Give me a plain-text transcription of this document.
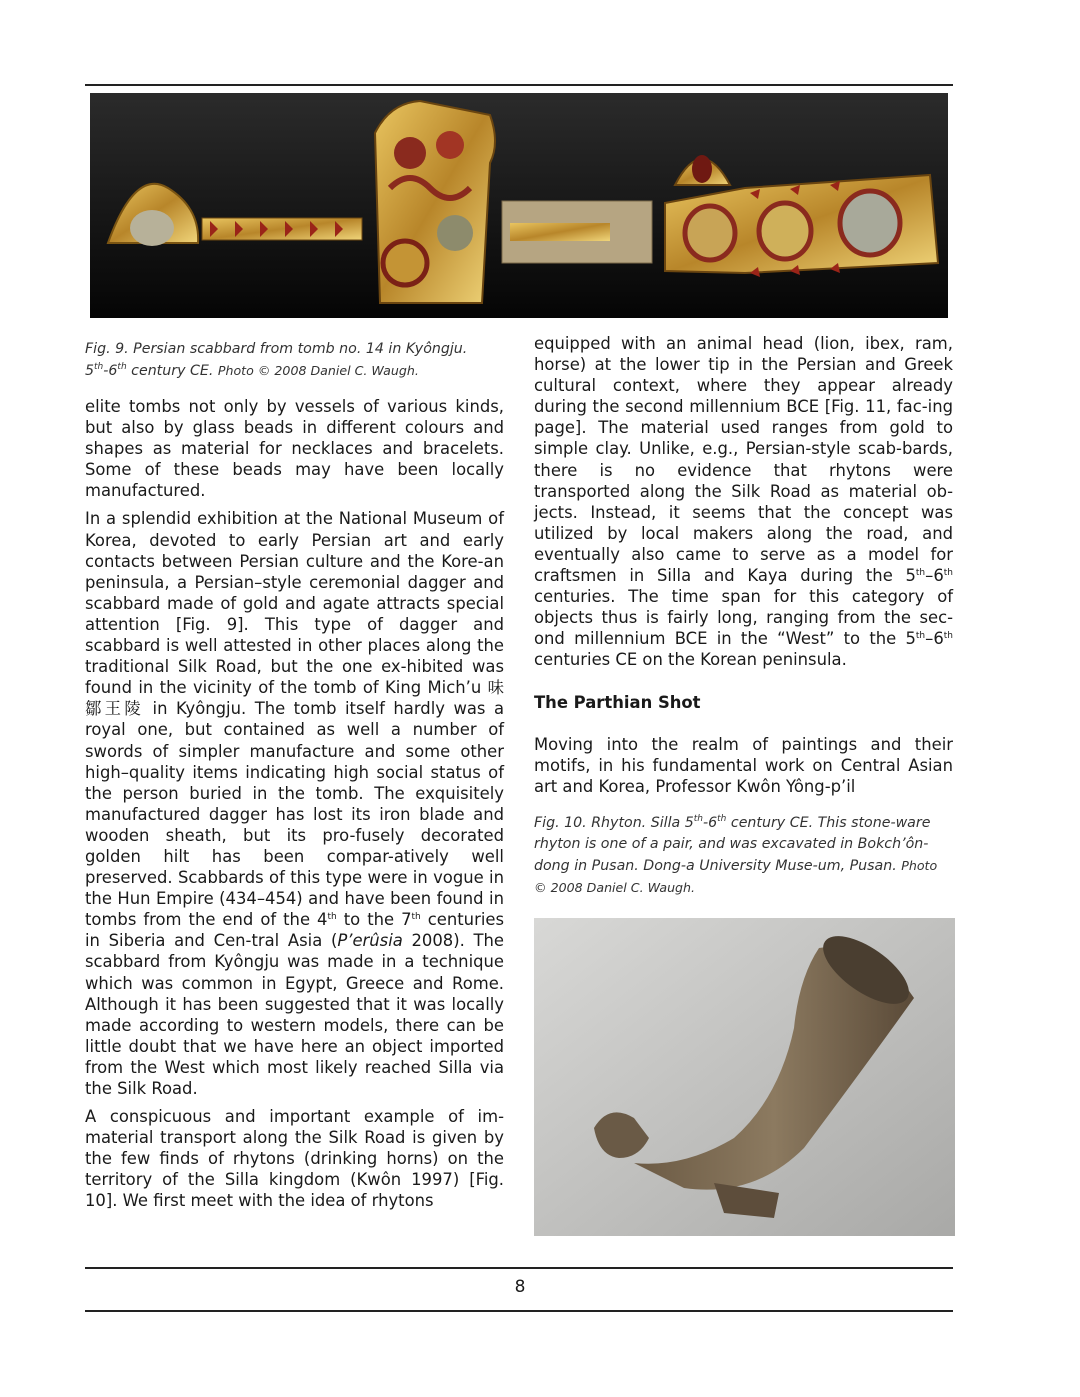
Fig. 9. Persian scabbard from tomb no. 14 in Kyôngju.
5th-6th century CE. Photo © 2008 Daniel C. Waugh.

elite tombs not only by vessels of various kinds, but also by glass beads in different colours and shapes as material for necklaces and bracelets. Some of these beads may have been locally manufactured.

In a splendid exhibition at the National Museum of Korea, devoted to early Persian art and early contacts between Persian culture and the Kore-an peninsula, a Persian–style ceremonial dagger and scabbard made of gold and agate attracts special attention [Fig. 9]. This type of dagger and scabbard is well attested in other places along the traditional Silk Road, but the one ex-hibited was found in the vicinity of the tomb of King Mich’u 味鄒王陵 in Kyôngju. The tomb itself hardly was a royal one, but contained as well a number of swords of simpler manufacture and some other high–quality items indicating high social status of the person buried in the tomb. The exquisitely manufactured dagger has lost its iron blade and wooden sheath, but its pro-fusely decorated golden hilt has been compar-atively well preserved. Scabbards of this type were in vogue in the Hun Empire (434–454) and have been found in tombs from the end of the 4th to the 7th centuries in Siberia and Cen-tral Asia (P’erûsia 2008). The scabbard from Kyôngju was made in a technique which was common in Egypt, Greece and Rome. Although it has been suggested that it was locally made according to western models, there can be little doubt that we have here an object imported from the West which most likely reached Silla via the Silk Road.

A conspicuous and important example of im-material transport along the Silk Road is given by the few finds of rhytons (drinking horns) on the territory of the Silla kingdom (Kwôn 1997) [Fig. 10]. We first meet with the idea of rhytons

equipped with an animal head (lion, ibex, ram, horse) at the lower tip in the Persian and Greek cultural context, where they appear already during the second millennium BCE [Fig. 11, fac-ing page]. The material used ranges from gold to simple clay. Unlike, e.g., Persian-style scab-bards, there is no evidence that rhytons were transported along the Silk Road as material ob-jects. Instead, it seems that the concept was utilized by local makers along the road, and eventually also came to serve as a model for craftsmen in Silla and Kaya during the 5th–6th centuries. The time span for this category of objects thus is fairly long, ranging from the sec-ond millennium BCE in the “West” to the 5th–6th centuries CE on the Korean peninsula.

The Parthian Shot

Moving into the realm of paintings and their motifs, in his fundamental work on Central Asian art and Korea, Professor Kwôn Yông-p’il

Fig. 10. Rhyton. Silla 5th-6th century CE. This stone-ware rhyton is one of a pair, and was excavated in Bokch’ôn-dong in Pusan. Dong-a University Muse-um, Pusan. Photo © 2008 Daniel C. Waugh.

8
